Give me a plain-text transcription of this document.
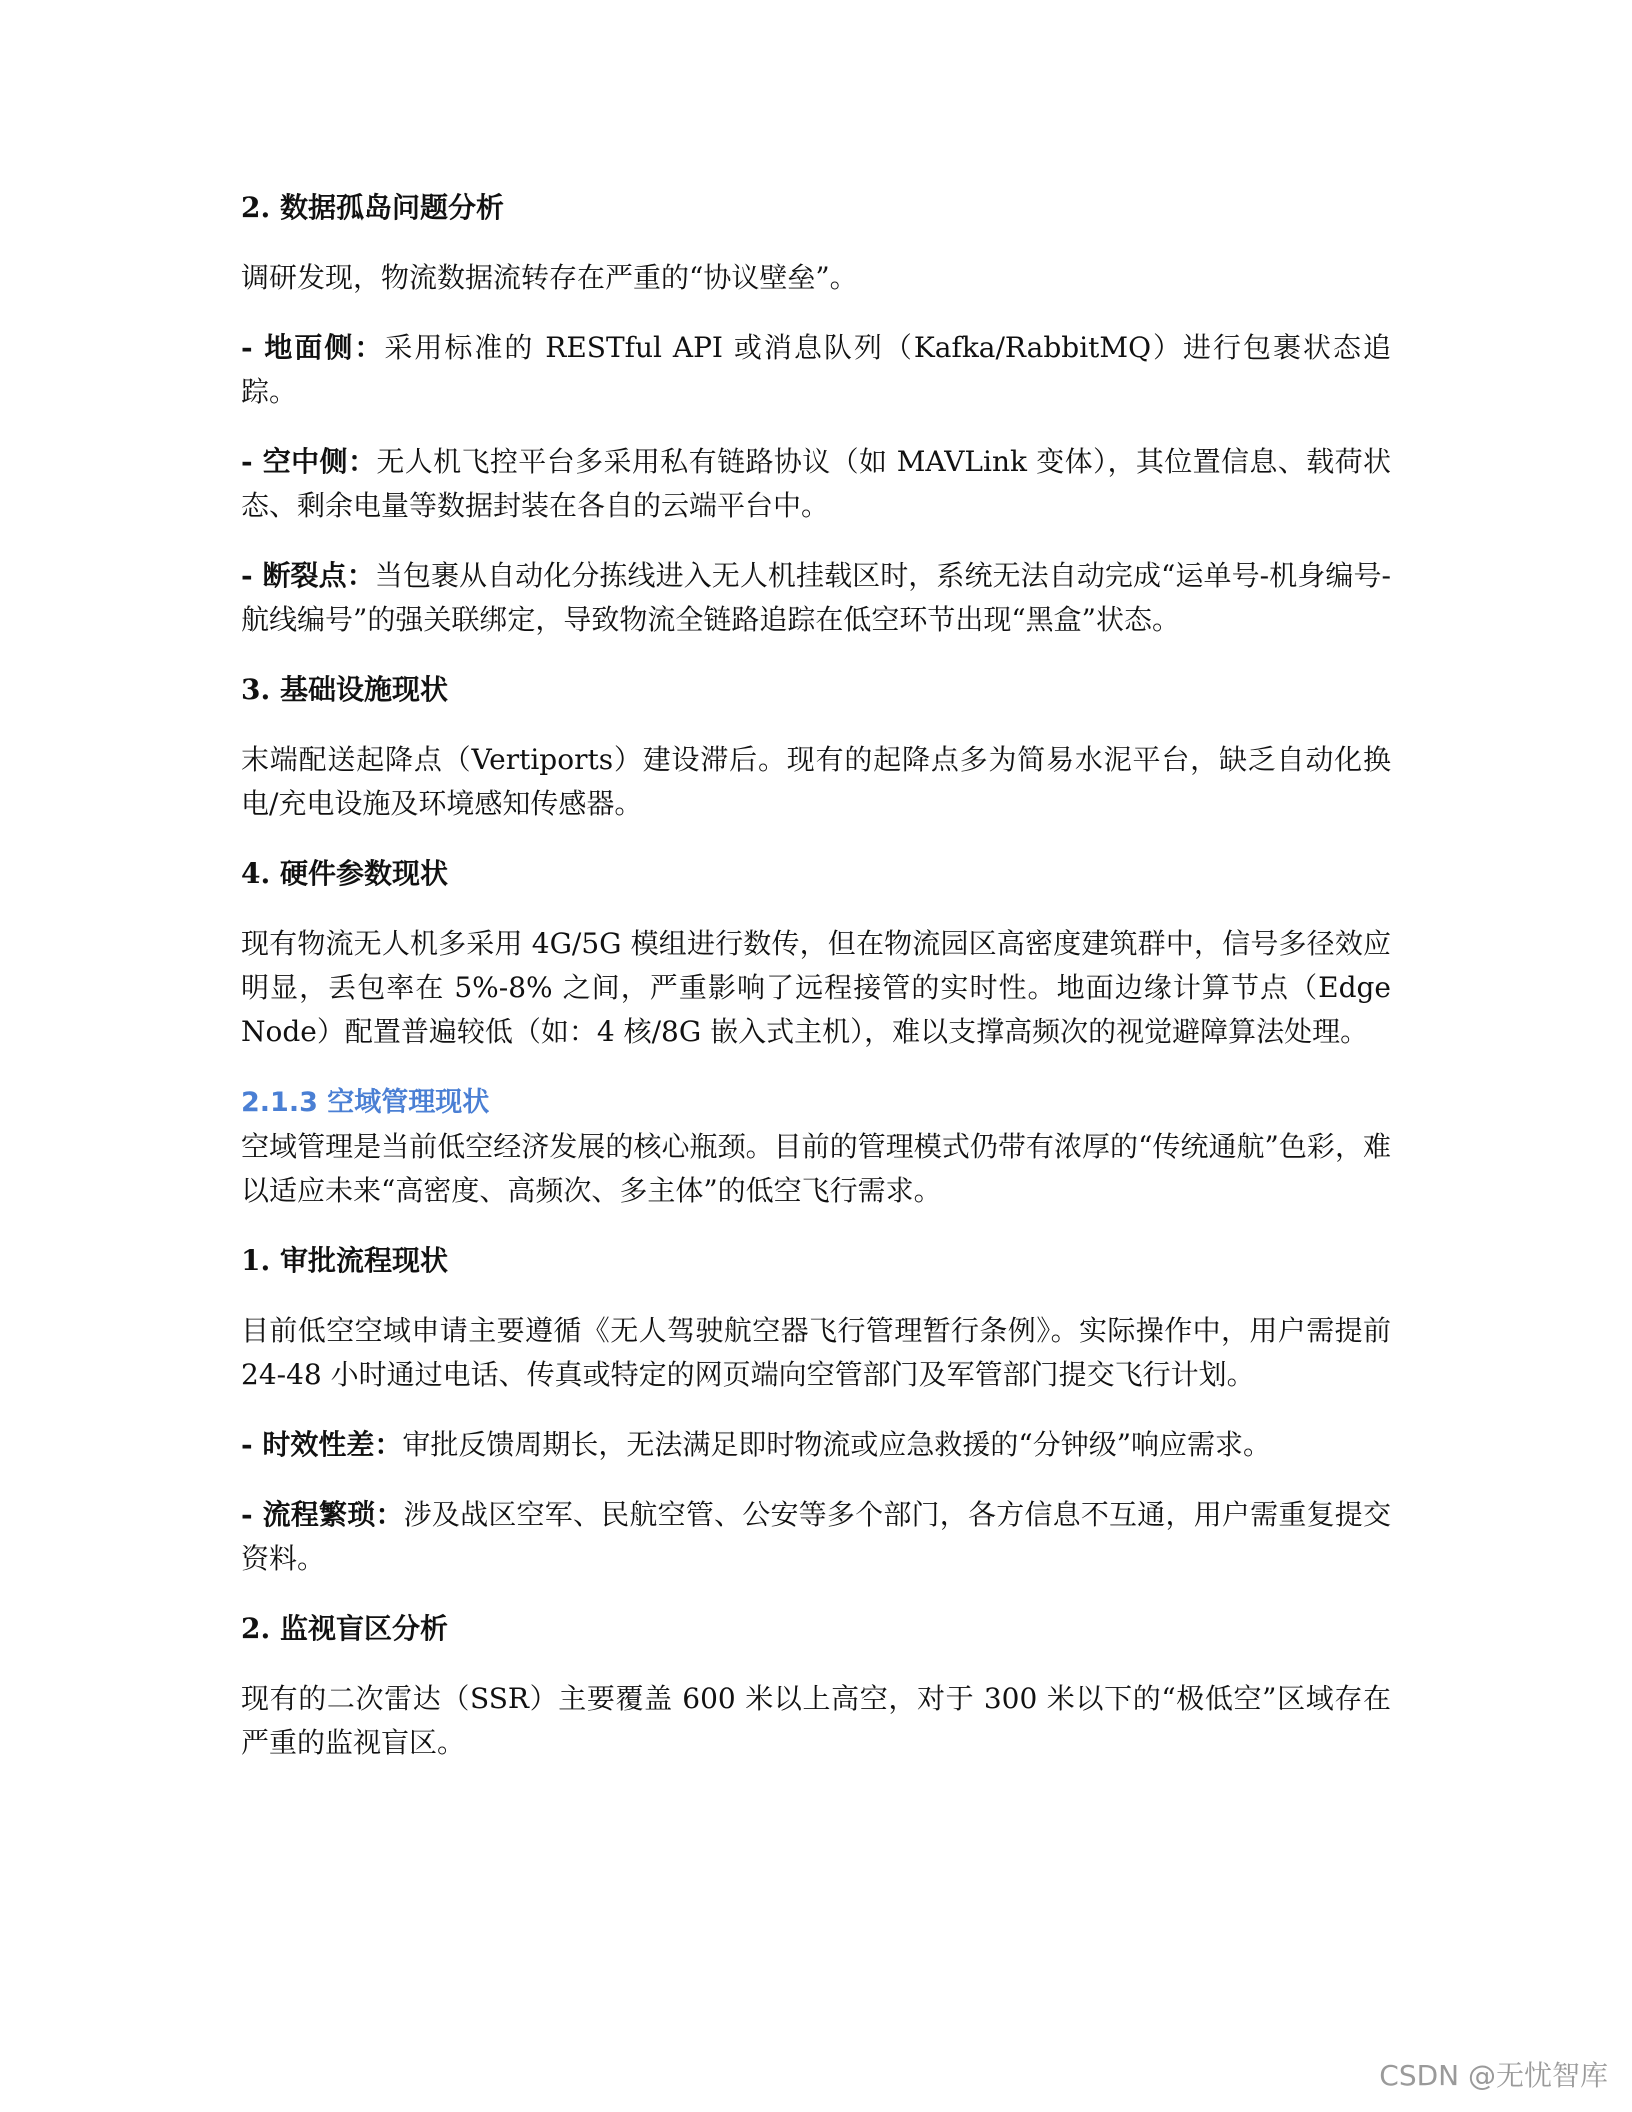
2. 数据孤岛问题分析

调研发现，物流数据流转存在严重的“协议壁垒”。

- 地面侧：采用标准的 RESTful API 或消息队列（Kafka/RabbitMQ）进行包裹状态追踪。

- 空中侧：无人机飞控平台多采用私有链路协议（如 MAVLink 变体），其位置信息、载荷状态、剩余电量等数据封装在各自的云端平台中。

- 断裂点：当包裹从自动化分拣线进入无人机挂载区时，系统无法自动完成“运单号-机身编号-航线编号”的强关联绑定，导致物流全链路追踪在低空环节出现“黑盒”状态。

3. 基础设施现状

末端配送起降点（Vertiports）建设滞后。现有的起降点多为简易水泥平台，缺乏自动化换电/充电设施及环境感知传感器。

4. 硬件参数现状

现有物流无人机多采用 4G/5G 模组进行数传，但在物流园区高密度建筑群中，信号多径效应明显，丢包率在 5%-8% 之间，严重影响了远程接管的实时性。地面边缘计算节点（Edge Node）配置普遍较低（如：4 核/8G 嵌入式主机），难以支撑高频次的视觉避障算法处理。

2.1.3 空域管理现状

空域管理是当前低空经济发展的核心瓶颈。目前的管理模式仍带有浓厚的“传统通航”色彩，难以适应未来“高密度、高频次、多主体”的低空飞行需求。

1. 审批流程现状

目前低空空域申请主要遵循《无人驾驶航空器飞行管理暂行条例》。实际操作中，用户需提前 24-48 小时通过电话、传真或特定的网页端向空管部门及军管部门提交飞行计划。

- 时效性差：审批反馈周期长，无法满足即时物流或应急救援的“分钟级”响应需求。

- 流程繁琐：涉及战区空军、民航空管、公安等多个部门，各方信息不互通，用户需重复提交资料。

2. 监视盲区分析

现有的二次雷达（SSR）主要覆盖 600 米以上高空，对于 300 米以下的“极低空”区域存在严重的监视盲区。

CSDN @无忧智库
